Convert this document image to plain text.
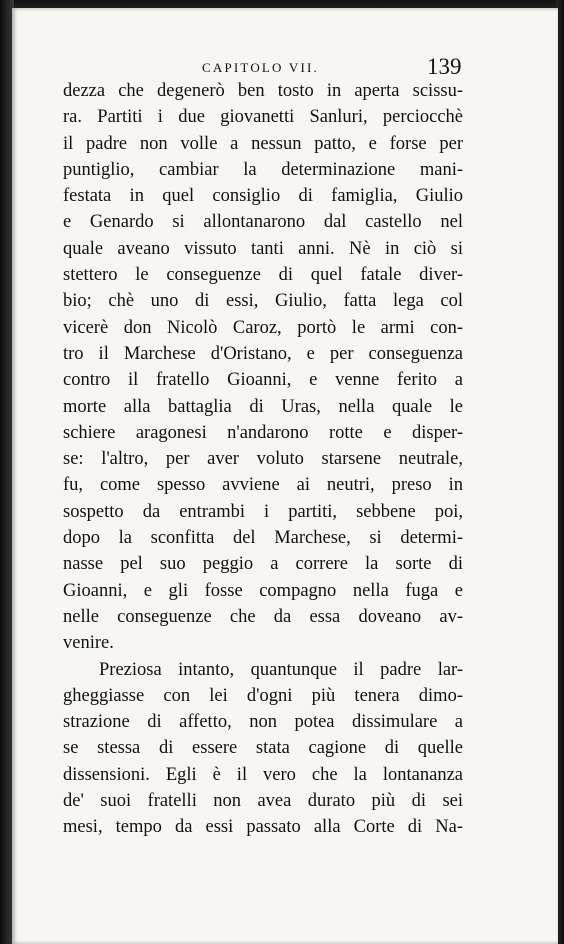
CAPITOLO VII.	139
dezza che degenerò ben tosto in aperta scissu-
ra. Partiti i due giovanetti Sanluri, perciocchè
il padre non volle a nessun patto, e forse per
puntiglio, cambiar la determinazione mani-
festata in quel consiglio di famiglia, Giulio
e Genardo si allontanarono dal castello nel
quale aveano vissuto tanti anni. Nè in ciò si
stettero le conseguenze di quel fatale diver-
bio; chè uno di essi, Giulio, fatta lega col
vicerè don Nicolò Caroz, portò le armi con-
tro il Marchese d'Oristano, e per conseguenza
contro il fratello Gioanni, e venne ferito a
morte alla battaglia di Uras, nella quale le
schiere aragonesi n'andarono rotte e disper-
se: l'altro, per aver voluto starsene neutrale,
fu, come spesso avviene ai neutri, preso in
sospetto da entrambi i partiti, sebbene poi,
dopo la sconfitta del Marchese, si determi-
nasse pel suo peggio a correre la sorte di
Gioanni, e gli fosse compagno nella fuga e
nelle conseguenze che da essa doveano av-
venire.
Preziosa intanto, quantunque il padre lar-
gheggiasse con lei d'ogni più tenera dimo-
strazione di affetto, non potea dissimulare a
se stessa di essere stata cagione di quelle
dissensioni. Egli è il vero che la lontananza
de' suoi fratelli non avea durato più di sei
mesi, tempo da essi passato alla Corte di Na-
